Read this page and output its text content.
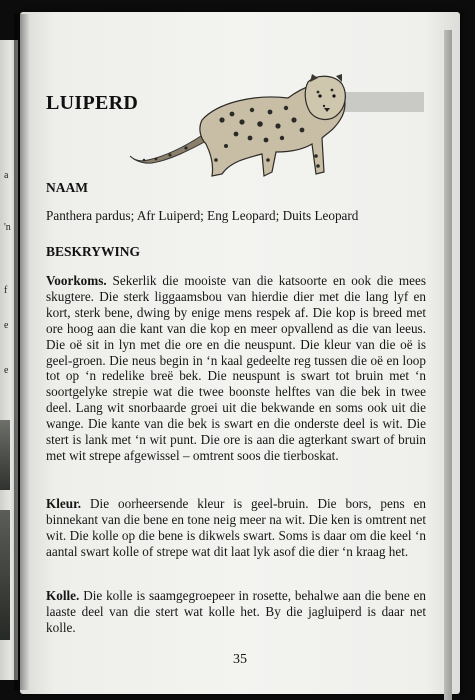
a
'n
f
e
e
LUIPERD
NAAM
Panthera pardus; Afr Luiperd; Eng Leopard; Duits Leopard
BESKRYWING
Voorkoms. Sekerlik die mooiste van die katsoorte en ook die mees skugtere. Die sterk liggaamsbou van hierdie dier met die lang lyf en kort, sterk bene, dwing by enige mens respek af. Die kop is breed met ore hoog aan die kant van die kop en meer opvallend as die van leeus. Die oë sit in lyn met die ore en die neuspunt. Die kleur van die oë is geel-groen. Die neus begin in ‘n kaal gedeelte reg tussen die oë en loop tot op ‘n redelike breë bek. Die neuspunt is swart tot bruin met ‘n soortgelyke strepie wat die twee boonste helftes van die bek in twee deel. Lang wit snorbaarde groei uit die bekwande en soms ook uit die wange. Die kante van die bek is swart en die onderste deel is wit. Die stert is lank met ‘n wit punt. Die ore is aan die agterkant swart of bruin met wit strepe afgewissel – omtrent soos die tierboskat.
Kleur. Die oorheersende kleur is geel-bruin. Die bors, pens en binnekant van die bene en tone neig meer na wit. Die ken is omtrent net wit. Die kolle op die bene is dikwels swart. Soms is daar om die keel ‘n aantal swart kolle of strepe wat dit laat lyk asof die dier ‘n kraag het.
Kolle. Die kolle is saamgegroepeer in rosette, behalwe aan die bene en laaste deel van die stert wat kolle het. By die jagluiperd is daar net kolle.
35
